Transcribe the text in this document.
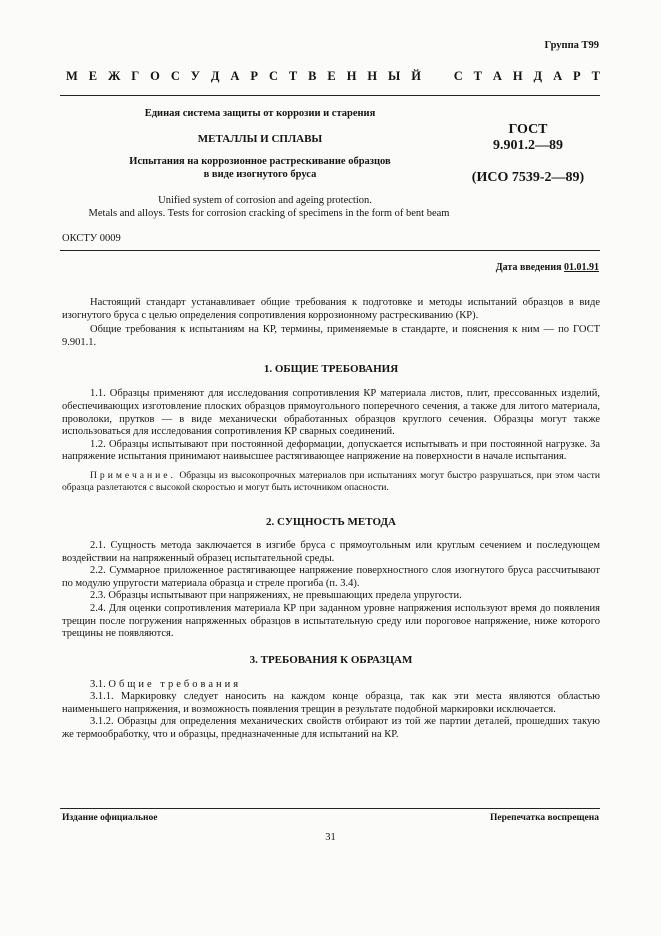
Группа Т99
М Е Ж Г О С У Д А Р С Т В Е Н Н Ы Й	С Т А Н Д А Р Т
Единая система защиты от коррозии и старения
МЕТАЛЛЫ И СПЛАВЫ
Испытания на коррозионное растрескивание образцов
в виде изогнутого бруса
ГОСТ
9.901.2—89
(ИСО 7539-2—89)
Unified system of corrosion and ageing protection.
Metals and alloys. Tests for corrosion cracking of specimens in the form of bent beam
ОКСТУ 0009
Дата введения 01.01.91
Настоящий стандарт устанавливает общие требования к подготовке и методы испытаний образцов в виде изогнутого бруса с целью определения сопротивления коррозионному растрескиванию (КР).
Общие требования к испытаниям на КР, термины, применяемые в стандарте, и пояснения к ним — по ГОСТ 9.901.1.
1. ОБЩИЕ ТРЕБОВАНИЯ
1.1. Образцы применяют для исследования сопротивления КР материала листов, плит, прессованных изделий, обеспечивающих изготовление плоских образцов прямоугольного поперечного сечения, а также для литого материала, проволоки, прутков — в виде механически обработанных образцов круглого сечения. Образцы могут также использоваться для исследования сопротивления КР сварных соединений.
1.2. Образцы испытывают при постоянной деформации, допускается испытывать и при постоянной нагрузке. За напряжение испытания принимают наивысшее растягивающее напряжение на поверхности в начале испытания.
Примечание. Образцы из высокопрочных материалов при испытаниях могут быстро разрушаться, при этом части образца разлетаются с высокой скоростью и могут быть источником опасности.
2. СУЩНОСТЬ МЕТОДА
2.1. Сущность метода заключается в изгибе бруса с прямоугольным или круглым сечением и последующем воздействии на напряженный образец испытательной среды.
2.2. Суммарное приложенное растягивающее напряжение поверхностного слоя изогнутого бруса рассчитывают по модулю упругости материала образца и стреле прогиба (п. 3.4).
2.3. Образцы испытывают при напряжениях, не превышающих предела упругости.
2.4. Для оценки сопротивления материала КР при заданном уровне напряжения используют время до появления трещин после погружения напряженных образцов в испытательную среду или пороговое напряжение, ниже которого трещины не появляются.
3. ТРЕБОВАНИЯ К ОБРАЗЦАМ
3.1. Общие требования
3.1.1. Маркировку следует наносить на каждом конце образца, так как эти места являются областью наименьшего напряжения, и возможность появления трещин в результате подобной маркировки исключается.
3.1.2. Образцы для определения механических свойств отбирают из той же партии деталей, прошедших такую же термообработку, что и образцы, предназначенные для испытаний на КР.
Издание официальное	Перепечатка воспрещена
31
